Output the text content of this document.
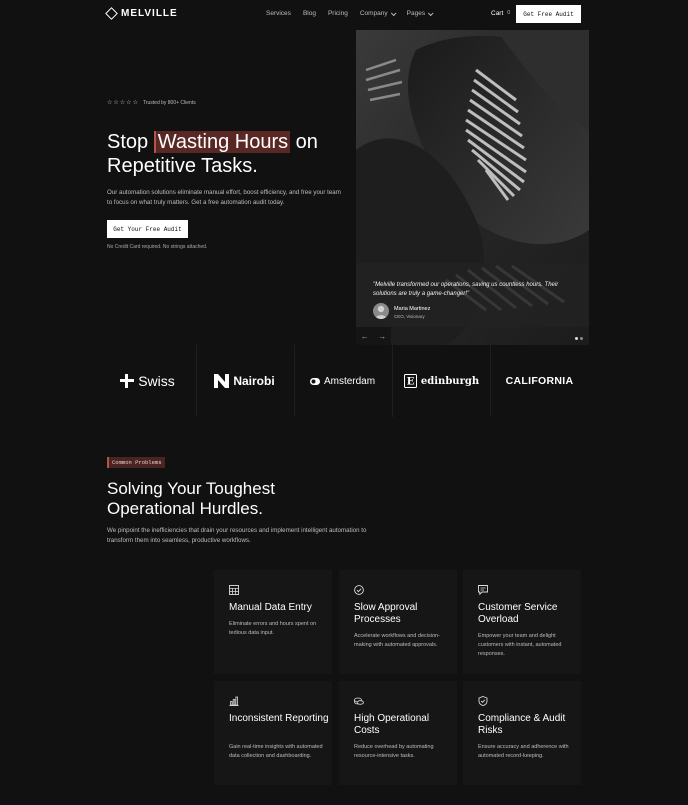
MELVILLE	Services Blog Pricing Company	Pages	Cart 0	Get Free Audit
☆ ☆ ☆ ☆ ☆ Trusted by 800+ Clients
Stop Wasting Hours on Repetitive Tasks.

Our automation solutions eliminate manual effort, boost efficiency, and free your team to focus on what truly matters. Get a free automation audit today.

Get Your Free Audit
No Credit Card required. No strings attached.

"Melville transformed our operations, saving us countless hours. Their solutions are truly a game-changer!"

Maria Martinez
CEO, Visionary
← →
Swiss	Nairobi	Amsterdam	E edinburgh	CALIFORNIA
Common Problems
Solving Your Toughest Operational Hurdles.

We pinpoint the inefficiencies that drain your resources and implement intelligent automation to transform them into seamless, productive workflows.

Manual Data Entry
Eliminate errors and hours spent on tedious data input.
Slow Approval Processes
Accelerate workflows and decision-making with automated approvals.
Customer Service Overload
Empower your team and delight customers with instant, automated responses.
Inconsistent Reporting
Gain real-time insights with automated data collection and dashboarding.
High Operational Costs
Reduce overhead by automating resource-intensive tasks.
Compliance & Audit Risks
Ensure accuracy and adherence with automated record-keeping.
